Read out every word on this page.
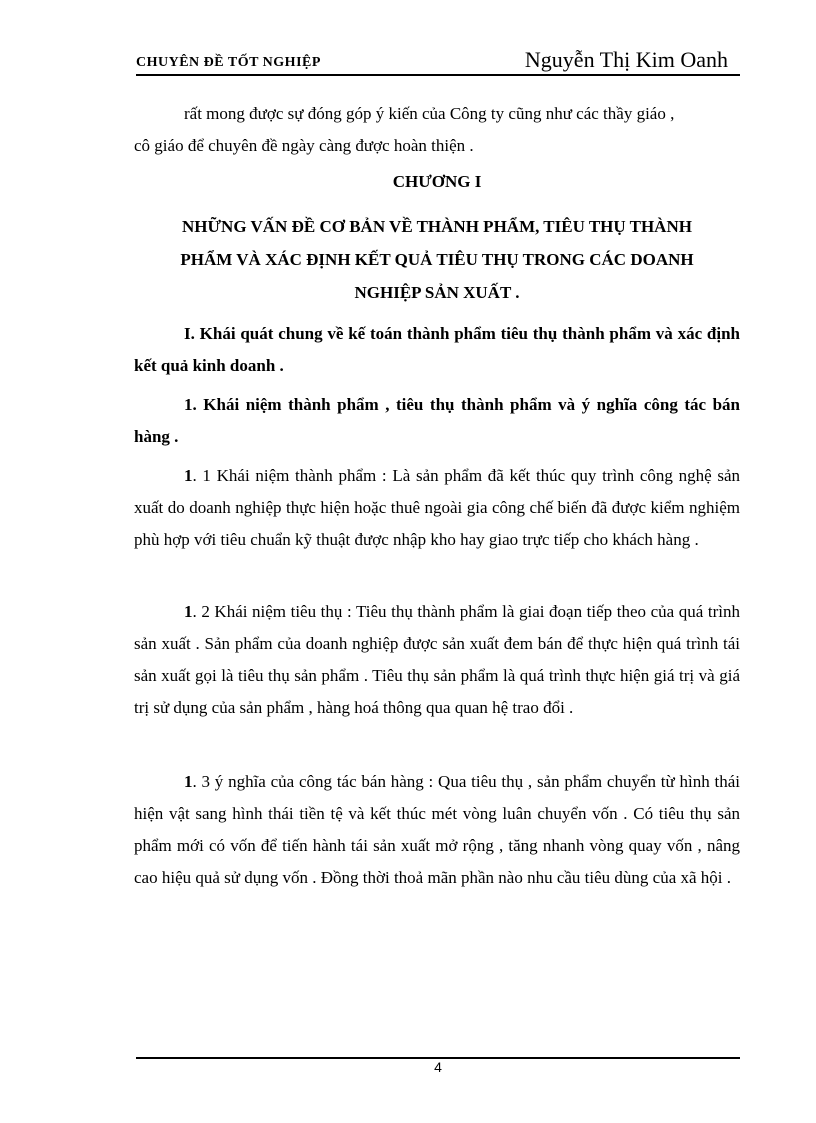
CHUYÊN ĐỀ TỐT NGHIỆP	Nguyễn Thị Kim Oanh
rất mong được sự đóng góp ý kiến của Công ty cũng như các thầy giáo ,
cô giáo để chuyên đề ngày càng được hoàn thiện .
CHƯƠNG I
NHỮNG VẤN ĐỀ CƠ BẢN VỀ THÀNH PHẨM, TIÊU THỤ THÀNH
PHẨM VÀ XÁC ĐỊNH KẾT QUẢ TIÊU THỤ TRONG CÁC DOANH
NGHIỆP SẢN XUẤT .
I. Khái quát chung về kế toán thành phẩm tiêu thụ thành phẩm và xác định kết quả kinh doanh .
1. Khái niệm thành phẩm , tiêu thụ thành phẩm và ý nghĩa công tác bán hàng .
1. 1 Khái niệm thành phẩm : Là sản phẩm đã kết thúc quy trình công nghệ sản xuất do doanh nghiệp thực hiện hoặc thuê ngoài gia công chế biến đã được kiểm nghiệm phù hợp với tiêu chuẩn kỹ thuật được nhập kho hay giao trực tiếp cho khách hàng .
1. 2 Khái niệm tiêu thụ : Tiêu thụ thành phẩm là giai đoạn tiếp theo của quá trình sản xuất . Sản phẩm của doanh nghiệp được sản xuất đem bán để thực hiện quá trình tái sản xuất gọi là tiêu thụ sản phẩm . Tiêu thụ sản phẩm là quá trình thực hiện giá trị và giá trị sử dụng của sản phẩm , hàng hoá thông qua quan hệ trao đổi .
1. 3 ý nghĩa của công tác bán hàng : Qua tiêu thụ , sản phẩm chuyển từ hình thái hiện vật sang hình thái tiền tệ và kết thúc mét vòng luân chuyển vốn . Có tiêu thụ sản phẩm mới có vốn để tiến hành tái sản xuất mở rộng , tăng nhanh vòng quay vốn , nâng cao hiệu quả sử dụng vốn . Đồng thời thoả mãn phần nào nhu cầu tiêu dùng của xã hội .
4
